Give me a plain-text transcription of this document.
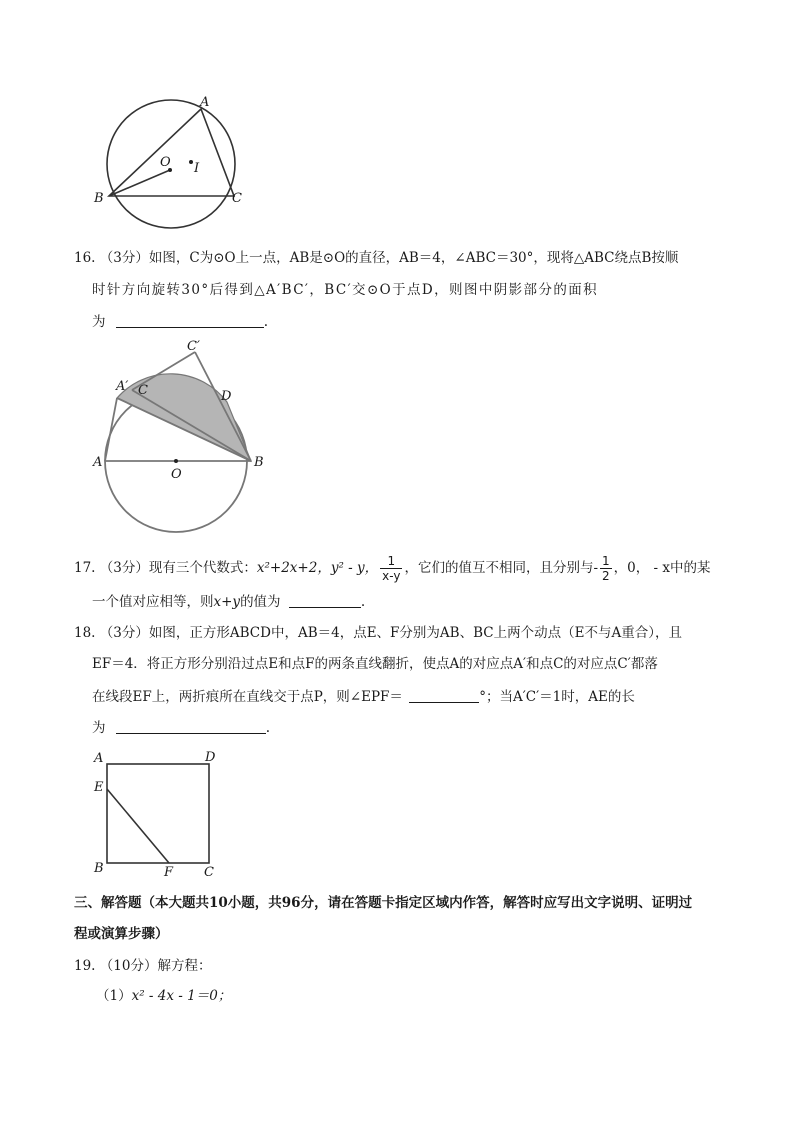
A
B	C
O I
16. （3分）如图，C为⊙O上一点，AB是⊙O的直径，AB＝4，∠ABC＝30°，现将△ABC绕点B按顺
时针方向旋转30°后得到△A′BC′，BC′交⊙O于点D，则图中阴影部分的面积
为	.
C′
A′ C	D
A
O
B
17. （3分）现有三个代数式：x²+2x+2，y² - y， $\frac{1}{x-y}$ ，它们的值互不相同，且分别与- $\frac{1}{2}$ ，0， - x中的某
一个值对应相等，则x+y的值为	.
18. （3分）如图，正方形ABCD中，AB＝4，点E、F分别为AB、BC上两个动点（E不与A重合），且
EF＝4．将正方形分别沿过点E和点F的两条直线翻折，使点A的对应点A′和点C的对应点C′都落
在线段EF上，两折痕所在直线交于点P，则∠EPF＝	°；当A′C′＝1时，AE的长
为	.
A	D
E
B	F C
三、解答题（本大题共10小题，共96分，请在答题卡指定区域内作答，解答时应写出文字说明、证明过
程或演算步骤）
19. （10分）解方程：
（1）x² - 4x - 1＝0；
